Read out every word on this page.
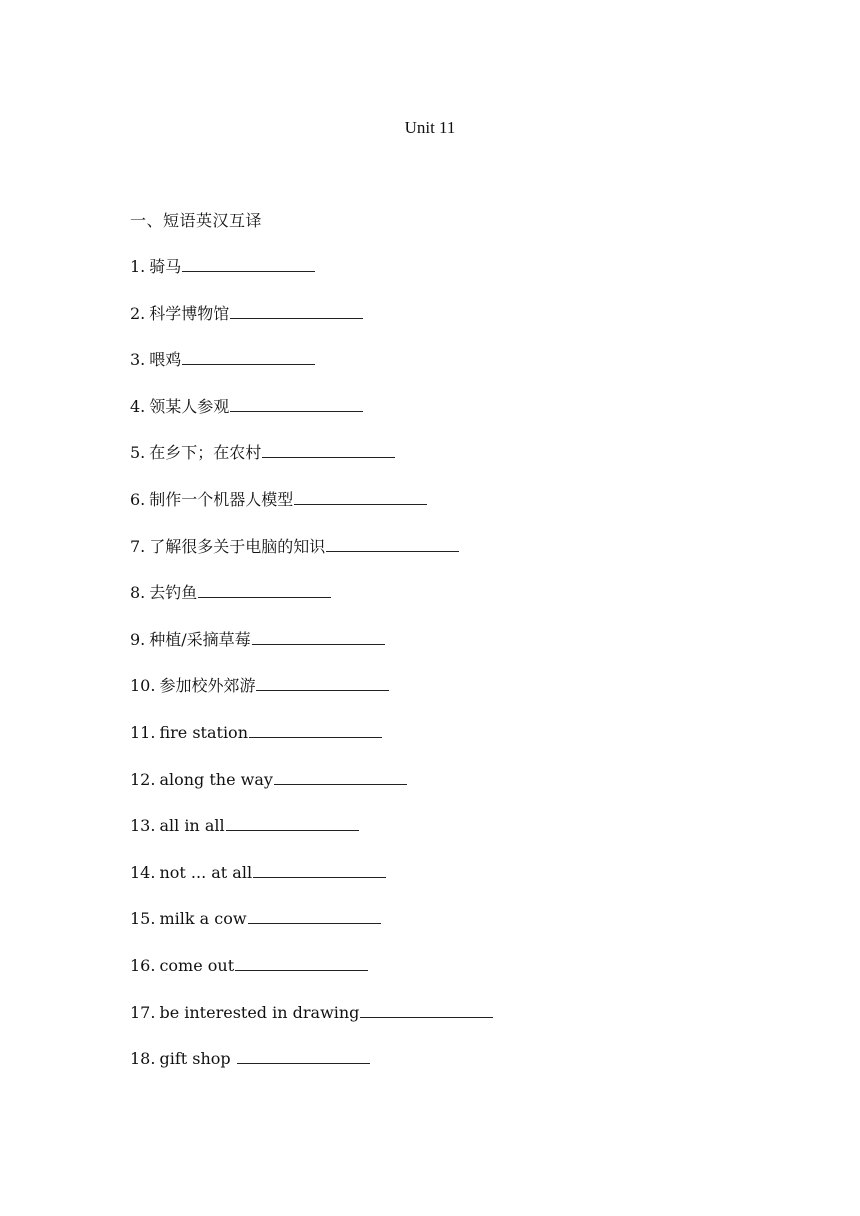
Unit 11
一、短语英汉互译
1. 骑马
2. 科学博物馆
3. 喂鸡
4. 领某人参观
5. 在乡下；在农村
6. 制作一个机器人模型
7. 了解很多关于电脑的知识
8. 去钓鱼
9. 种植/采摘草莓
10. 参加校外郊游
11. fire station
12. along the way
13. all in all
14. not ... at all
15. milk a cow
16. come out
17. be interested in drawing
18. gift shop
